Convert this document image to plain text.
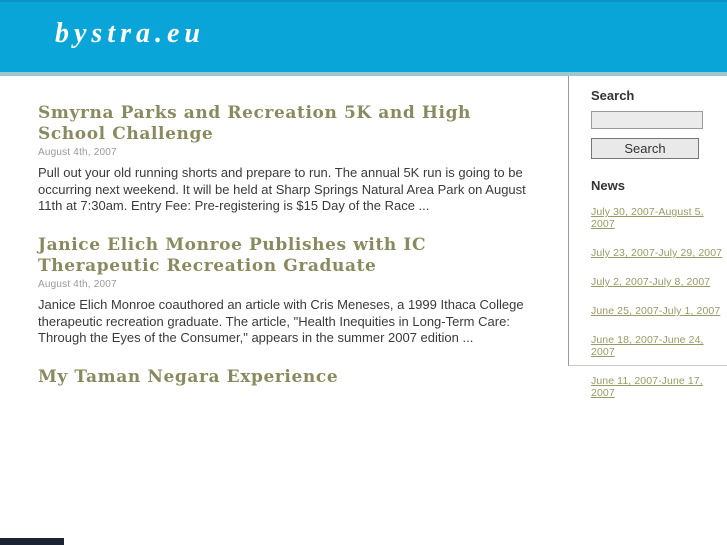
bystra.eu
Smyrna Parks and Recreation 5K and High School Challenge
August 4th, 2007

Pull out your old running shorts and prepare to run. The annual 5K run is going to be occurring next weekend. It will be held at Sharp Springs Natural Area Park on August 11th at 7:30am. Entry Fee: Pre-registering is $15 Day of the Race ...

Janice Elich Monroe Publishes with IC Therapeutic Recreation Graduate
August 4th, 2007

Janice Elich Monroe coauthored an article with Cris Meneses, a 1999 Ithaca College therapeutic recreation graduate. The article, "Health Inequities in Long-Term Care: Through the Eyes of the Consumer," appears in the summer 2007 edition ...

My Taman Negara Experience

Search

Search

News

July 30, 2007-August 5, 2007
July 23, 2007-July 29, 2007
July 2, 2007-July 8, 2007
June 25, 2007-July 1, 2007
June 18, 2007-June 24, 2007
June 11, 2007-June 17, 2007
